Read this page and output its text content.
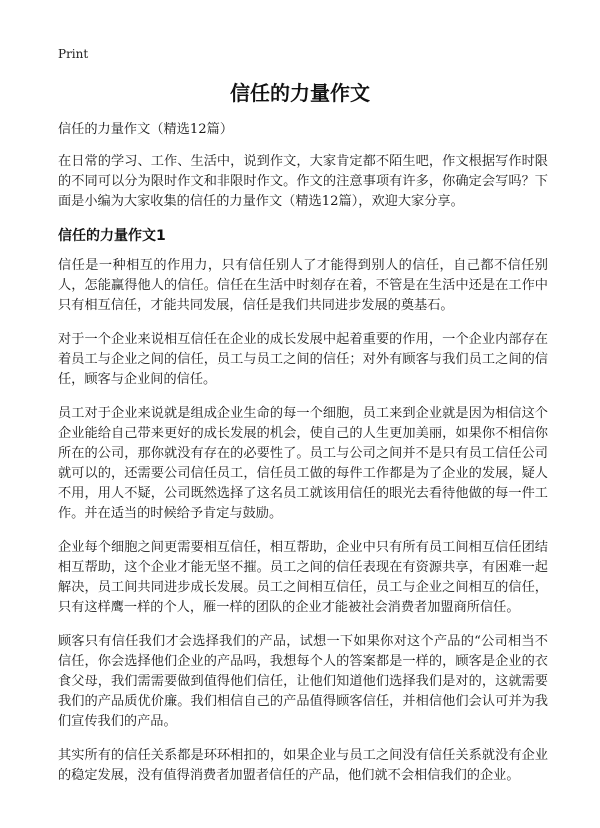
Print
信任的力量作文

信任的力量作文（精选12篇）

在日常的学习、工作、生活中，说到作文，大家肯定都不陌生吧，作文根据写作时限的不同可以分为限时作文和非限时作文。作文的注意事项有许多，你确定会写吗？下面是小编为大家收集的信任的力量作文（精选12篇），欢迎大家分享。

信任的力量作文1

信任是一种相互的作用力，只有信任别人了才能得到别人的信任，自己都不信任别人，怎能赢得他人的信任。信任在生活中时刻存在着，不管是在生活中还是在工作中只有相互信任，才能共同发展，信任是我们共同进步发展的奠基石。

对于一个企业来说相互信任在企业的成长发展中起着重要的作用，一个企业内部存在着员工与企业之间的信任，员工与员工之间的信任；对外有顾客与我们员工之间的信任，顾客与企业间的信任。

员工对于企业来说就是组成企业生命的每一个细胞，员工来到企业就是因为相信这个企业能给自己带来更好的成长发展的机会，使自己的人生更加美丽，如果你不相信你所在的公司，那你就没有存在的必要性了。员工与公司之间并不是只有员工信任公司就可以的，还需要公司信任员工，信任员工做的每件工作都是为了企业的发展，疑人不用，用人不疑，公司既然选择了这名员工就该用信任的眼光去看待他做的每一件工作。并在适当的时候给予肯定与鼓励。

企业每个细胞之间更需要相互信任，相互帮助，企业中只有所有员工间相互信任团结相互帮助，这个企业才能无坚不摧。员工之间的信任表现在有资源共享，有困难一起解决，员工间共同进步成长发展。员工之间相互信任，员工与企业之间相互的信任，只有这样鹰一样的个人，雁一样的团队的企业才能被社会消费者加盟商所信任。

顾客只有信任我们才会选择我们的产品，试想一下如果你对这个产品的“公司相当不信任，你会选择他们企业的产品吗，我想每个人的答案都是一样的，顾客是企业的衣食父母，我们需需要做到值得他们信任，让他们知道他们选择我们是对的，这就需要我们的产品质优价廉。我们相信自己的产品值得顾客信任，并相信他们会认可并为我们宣传我们的产品。

其实所有的信任关系都是环环相扣的，如果企业与员工之间没有信任关系就没有企业的稳定发展，没有值得消费者加盟者信任的产品，他们就不会相信我们的企业。
